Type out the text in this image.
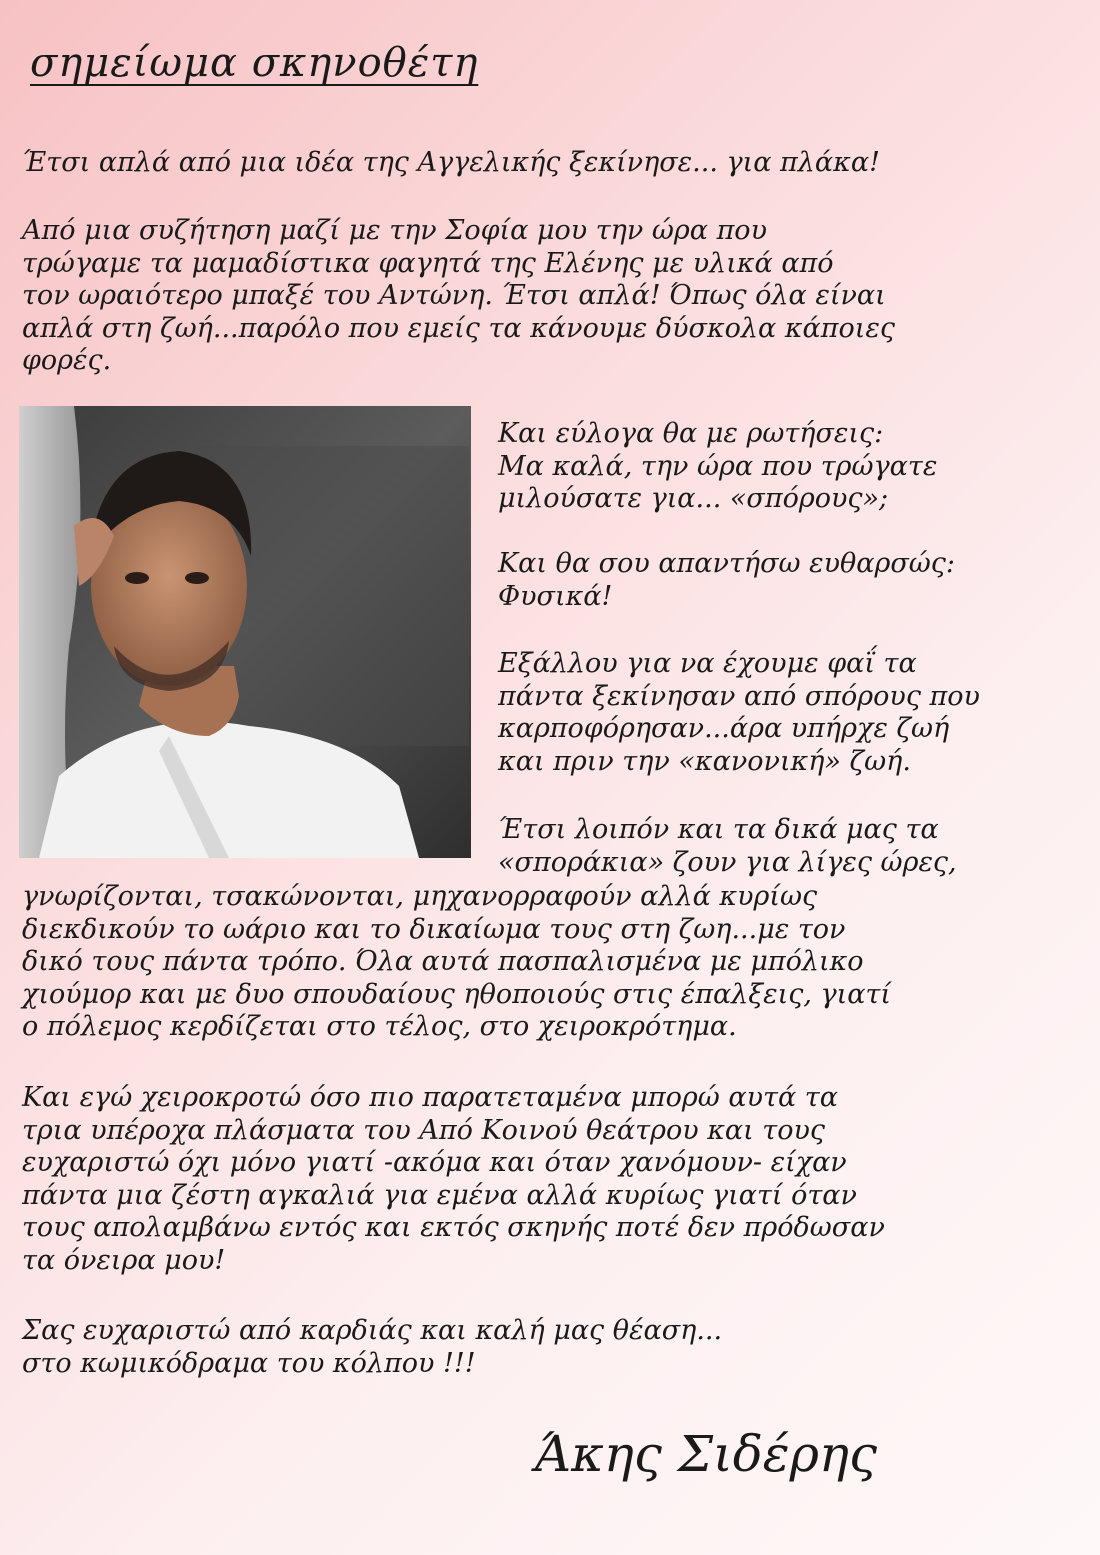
σημείωμα σκηνοθέτη

Έτσι απλά από μια ιδέα της Αγγελικής ξεκίνησε... για πλάκα!

Από μια συζήτηση μαζί με την Σοφία μου την ώρα που
τρώγαμε τα μαμαδίστικα φαγητά της Ελένης με υλικά από
τον ωραιότερο μπαξέ του Αντώνη. Έτσι απλά! Όπως όλα είναι
απλά στη ζωή...παρόλο που εμείς τα κάνουμε δύσκολα κάποιες
φορές.

Και εύλογα θα με ρωτήσεις:
Μα καλά, την ώρα που τρώγατε
μιλούσατε για... «σπόρους»;

Και θα σου απαντήσω ευθαρσώς:
Φυσικά!

Εξάλλου για να έχουμε φαΐ τα
πάντα ξεκίνησαν από σπόρους που
καρποφόρησαν...άρα υπήρχε ζωή
και πριν την «κανονική» ζωή.

Έτσι λοιπόν και τα δικά μας τα
«σποράκια» ζουν για λίγες ώρες,

γνωρίζονται, τσακώνονται, μηχανορραφούν αλλά κυρίως
διεκδικούν το ωάριο και το δικαίωμα τους στη ζωη...με τον
δικό τους πάντα τρόπο. Όλα αυτά πασπαλισμένα με μπόλικο
χιούμορ και με δυο σπουδαίους ηθοποιούς στις έπαλξεις, γιατί
ο πόλεμος κερδίζεται στο τέλος, στο χειροκρότημα.

Και εγώ χειροκροτώ όσο πιο παρατεταμένα μπορώ αυτά τα
τρια υπέροχα πλάσματα του Από Κοινού θεάτρου και τους
ευχαριστώ όχι μόνο γιατί -ακόμα και όταν χανόμουν- είχαν
πάντα μια ζέστη αγκαλιά για εμένα αλλά κυρίως γιατί όταν
τους απολαμβάνω εντός και εκτός σκηνής ποτέ δεν πρόδωσαν
τα όνειρα μου!

Σας ευχαριστώ από καρδιάς και καλή μας θέαση...
στο κωμικόδραμα του κόλπου !!!

Άκης Σιδέρης
